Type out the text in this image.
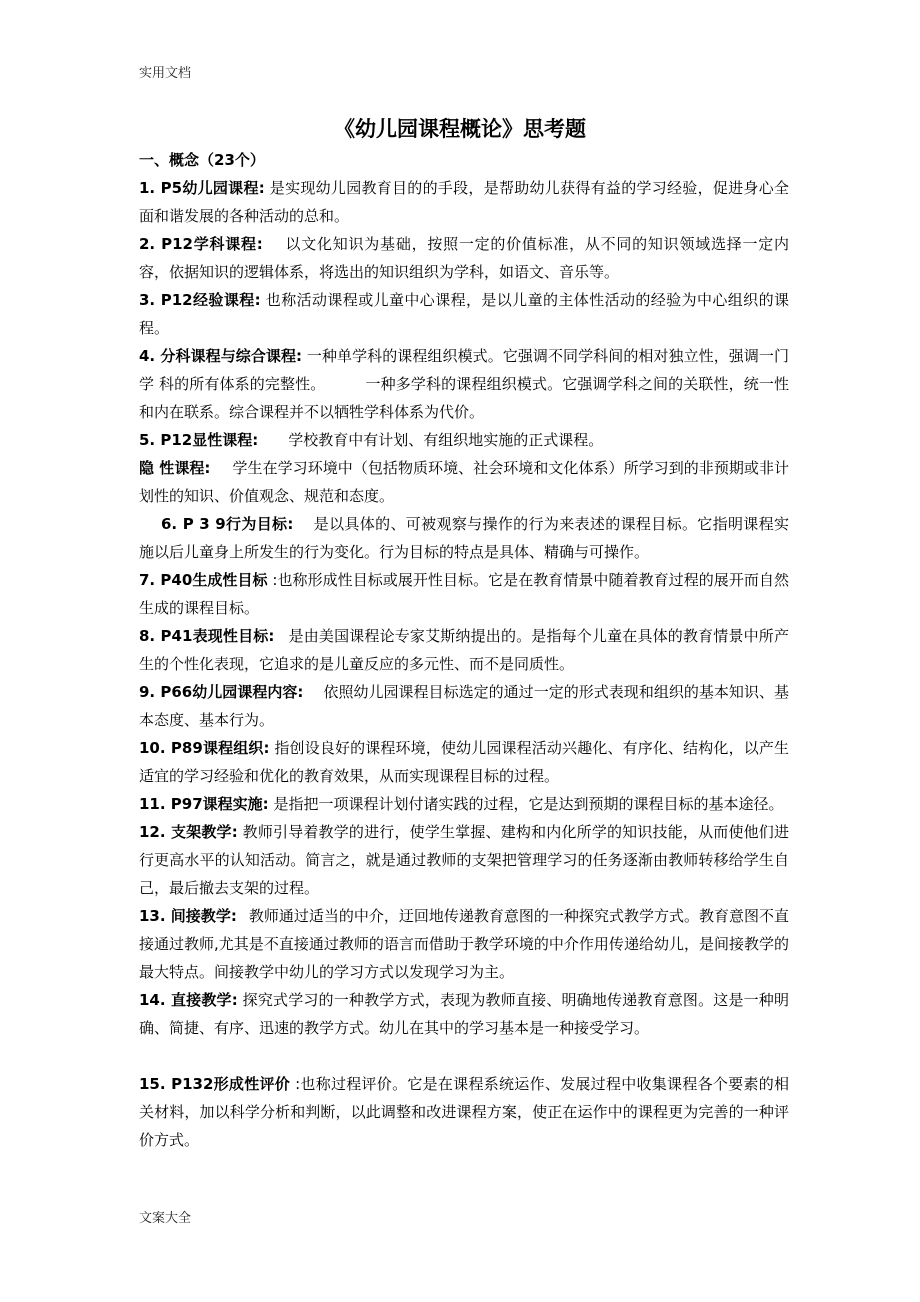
实用文档
《幼儿园课程概论》思考题

一、概念（23个）

1. P5幼儿园课程: 是实现幼儿园教育目的的手段，是帮助幼儿获得有益的学习经验，促进身心全面和谐发展的各种活动的总和。

2. P12学科课程: 以文化知识为基础，按照一定的价值标准，从不同的知识领域选择一定内容，依据知识的逻辑体系，将选出的知识组织为学科，如语文、音乐等。

3. P12经验课程: 也称活动课程或儿童中心课程，是以儿童的主体性活动的经验为中心组织的课程。

4. 分科课程与综合课程: 一种单学科的课程组织模式。它强调不同学科间的相对独立性，强调一门学 科的所有体系的完整性。	一种多学科的课程组织模式。它强调学科之间的关联性，统一性和内在联系。综合课程并不以牺牲学科体系为代价。

5. P12显性课程: 学校教育中有计划、有组织地实施的正式课程。

隐 性课程: 学生在学习环境中（包括物质环境、社会环境和文化体系）所学习到的非预期或非计划性的知识、价值观念、规范和态度。

6. P 3 9行为目标: 是以具体的、可被观察与操作的行为来表述的课程目标。它指明课程实施以后儿童身上所发生的行为变化。行为目标的特点是具体、精确与可操作。

7. P40生成性目标 :也称形成性目标或展开性目标。它是在教育情景中随着教育过程的展开而自然生成的课程目标。

8. P41表现性目标: 是由美国课程论专家艾斯纳提出的。是指每个儿童在具体的教育情景中所产生的个性化表现，它追求的是儿童反应的多元性、而不是同质性。

9. P66幼儿园课程内容: 依照幼儿园课程目标选定的通过一定的形式表现和组织的基本知识、基本态度、基本行为。

10. P89课程组织: 指创设良好的课程环境，使幼儿园课程活动兴趣化、有序化、结构化，以产生适宜的学习经验和优化的教育效果，从而实现课程目标的过程。

11. P97课程实施: 是指把一项课程计划付诸实践的过程，它是达到预期的课程目标的基本途径。

12. 支架教学: 教师引导着教学的进行，使学生掌握、建构和内化所学的知识技能，从而使他们进行更高水平的认知活动。简言之，就是通过教师的支架把管理学习的任务逐渐由教师转移给学生自己，最后撤去支架的过程。

13. 间接教学: 教师通过适当的中介，迂回地传递教育意图的一种探究式教学方式。教育意图不直接通过教师,尤其是不直接通过教师的语言而借助于教学环境的中介作用传递给幼儿，是间接教学的最大特点。间接教学中幼儿的学习方式以发现学习为主。

14. 直接教学: 探究式学习的一种教学方式，表现为教师直接、明确地传递教育意图。这是一种明确、简捷、有序、迅速的教学方式。幼儿在其中的学习基本是一种接受学习。

15. P132形成性评价 :也称过程评价。它是在课程系统运作、发展过程中收集课程各个要素的相关材料，加以科学分析和判断，以此调整和改进课程方案，使正在运作中的课程更为完善的一种评价方式。

文案大全
